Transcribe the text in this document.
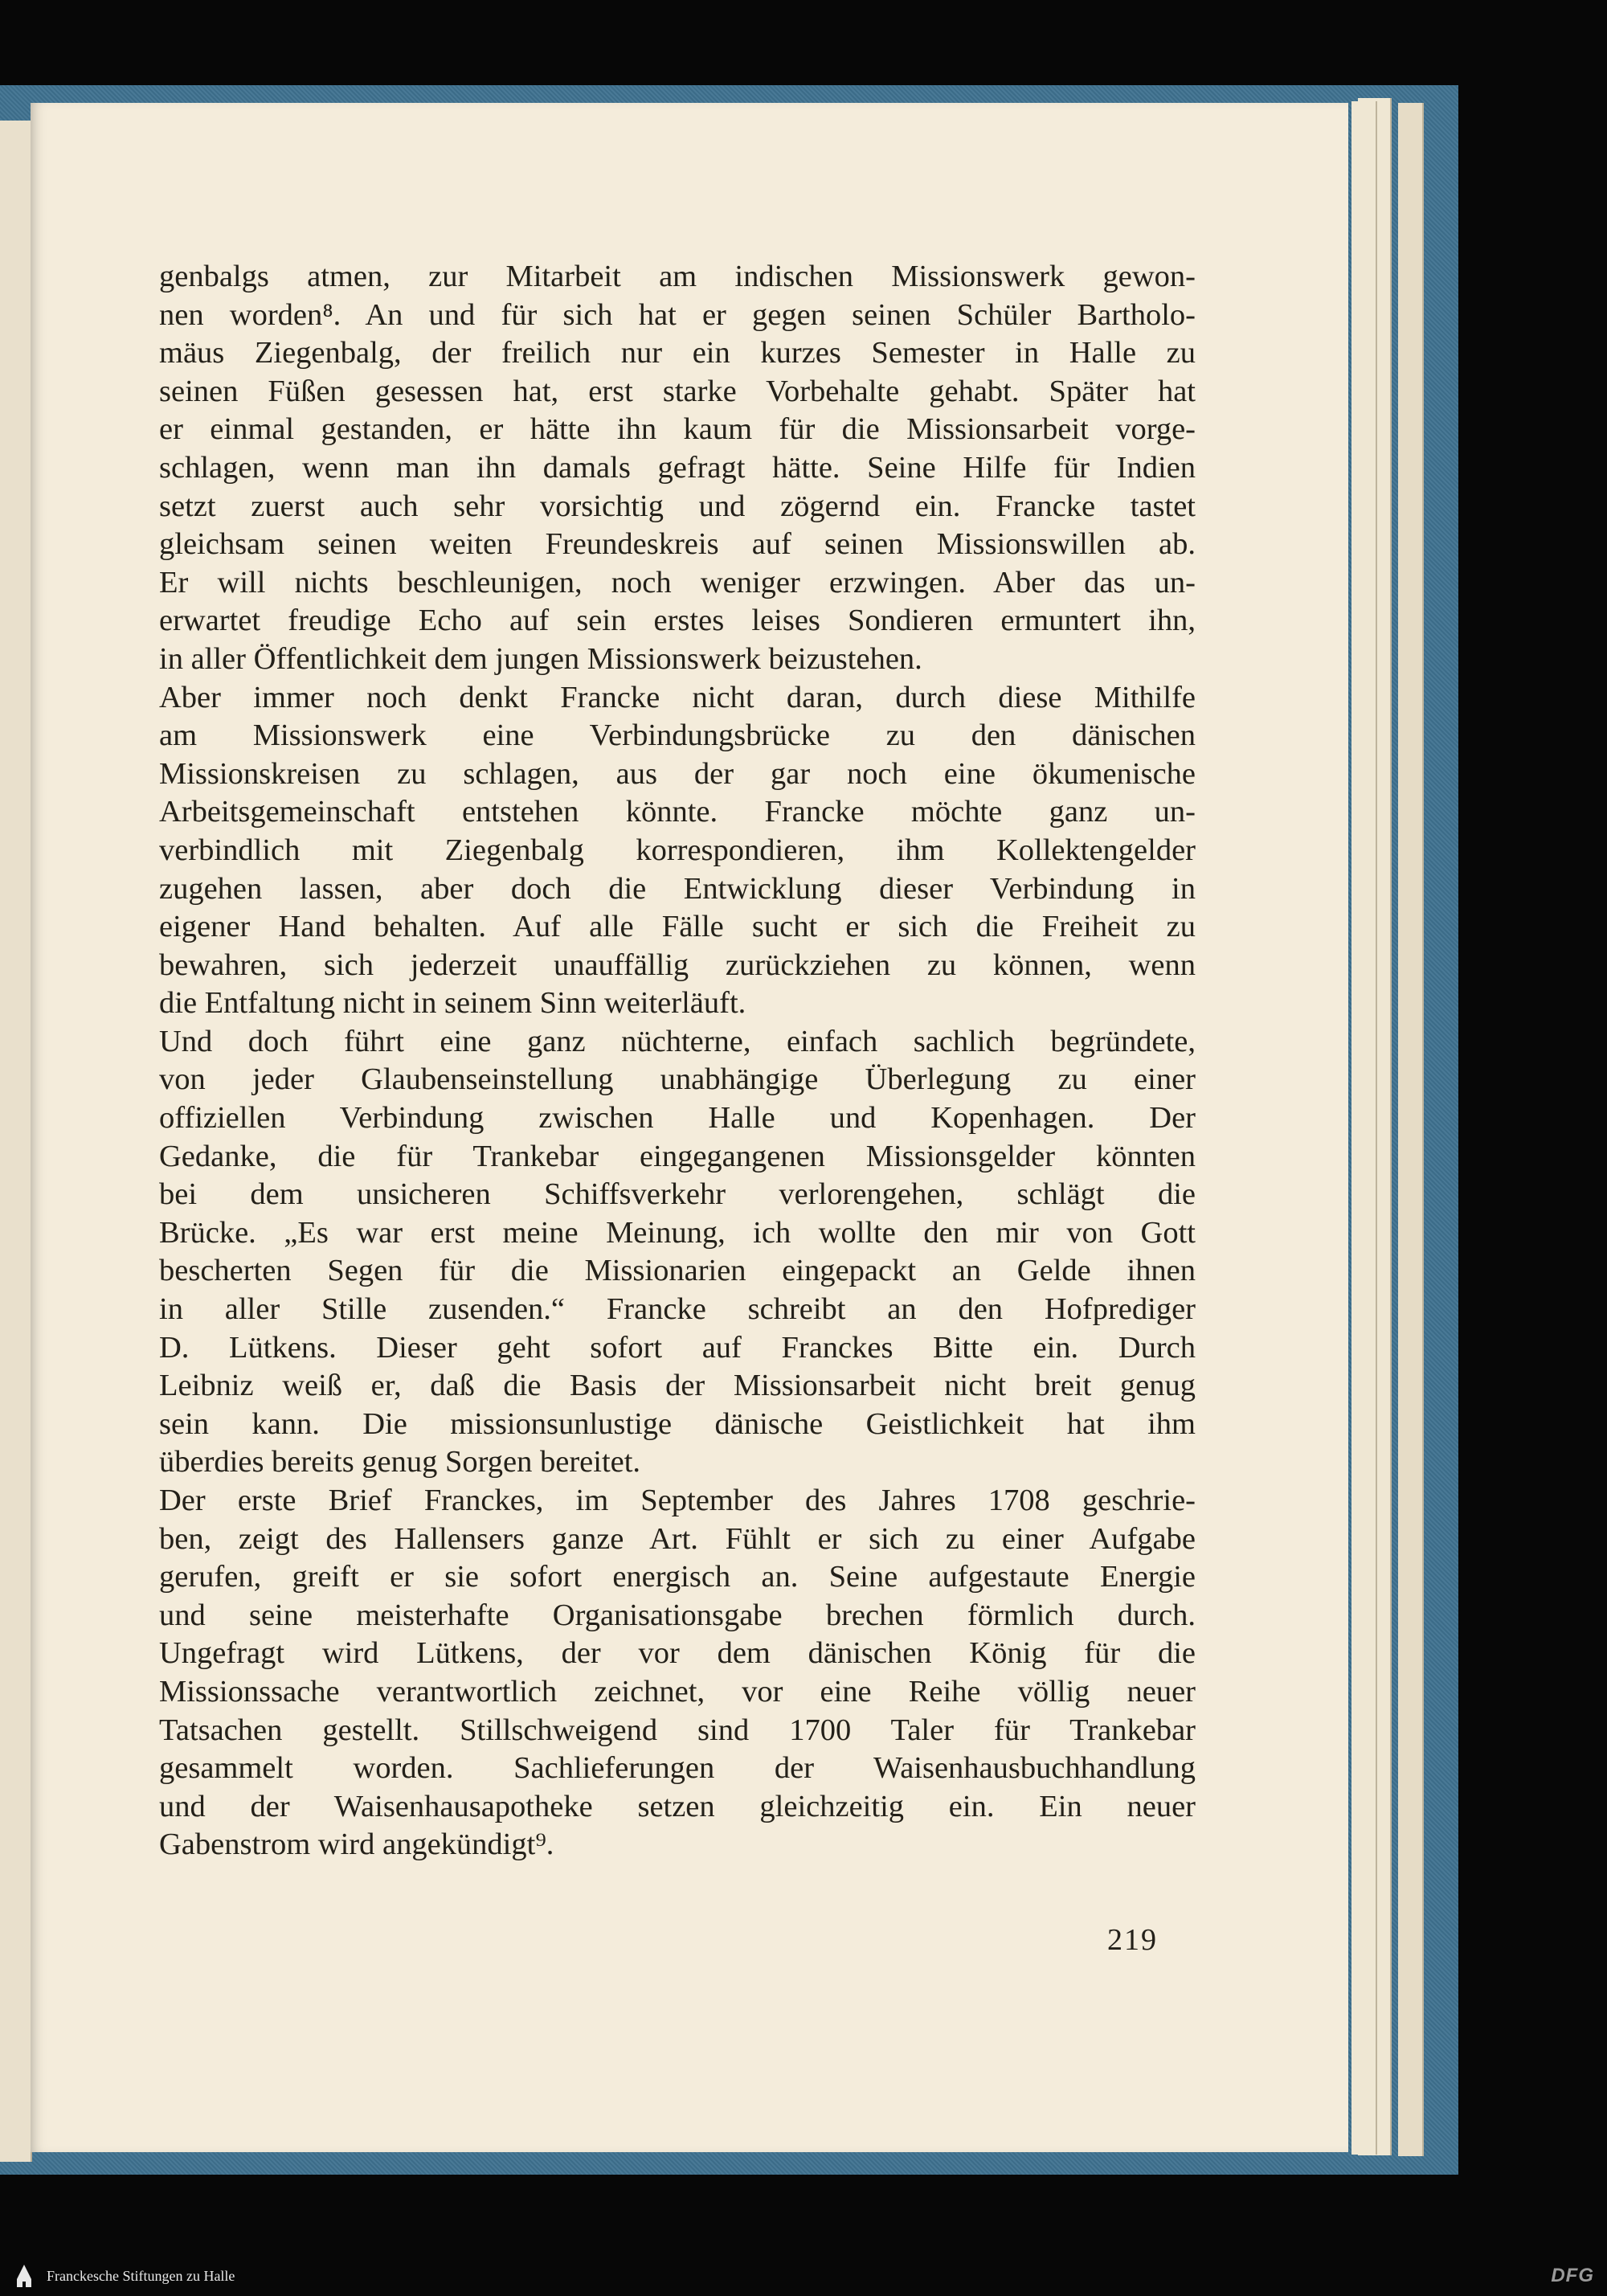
genbalgs atmen, zur Mitarbeit am indischen Missionswerk gewon-
nen worden⁸. An und für sich hat er gegen seinen Schüler Bartholo-
mäus Ziegenbalg, der freilich nur ein kurzes Semester in Halle zu
seinen Füßen gesessen hat, erst starke Vorbehalte gehabt. Später hat
er einmal gestanden, er hätte ihn kaum für die Missionsarbeit vorge-
schlagen, wenn man ihn damals gefragt hätte. Seine Hilfe für Indien
setzt zuerst auch sehr vorsichtig und zögernd ein. Francke tastet
gleichsam seinen weiten Freundeskreis auf seinen Missionswillen ab.
Er will nichts beschleunigen, noch weniger erzwingen. Aber das un-
erwartet freudige Echo auf sein erstes leises Sondieren ermuntert ihn,
in aller Öffentlichkeit dem jungen Missionswerk beizustehen.
Aber immer noch denkt Francke nicht daran, durch diese Mithilfe
am Missionswerk eine Verbindungsbrücke zu den dänischen
Missionskreisen zu schlagen, aus der gar noch eine ökumenische
Arbeitsgemeinschaft entstehen könnte. Francke möchte ganz un-
verbindlich mit Ziegenbalg korrespondieren, ihm Kollektengelder
zugehen lassen, aber doch die Entwicklung dieser Verbindung in
eigener Hand behalten. Auf alle Fälle sucht er sich die Freiheit zu
bewahren, sich jederzeit unauffällig zurückziehen zu können, wenn
die Entfaltung nicht in seinem Sinn weiterläuft.
Und doch führt eine ganz nüchterne, einfach sachlich begründete,
von jeder Glaubenseinstellung unabhängige Überlegung zu einer
offiziellen Verbindung zwischen Halle und Kopenhagen. Der
Gedanke, die für Trankebar eingegangenen Missionsgelder könnten
bei dem unsicheren Schiffsverkehr verlorengehen, schlägt die
Brücke. „Es war erst meine Meinung, ich wollte den mir von Gott
bescherten Segen für die Missionarien eingepackt an Gelde ihnen
in aller Stille zusenden.“ Francke schreibt an den Hofprediger
D. Lütkens. Dieser geht sofort auf Franckes Bitte ein. Durch
Leibniz weiß er, daß die Basis der Missionsarbeit nicht breit genug
sein kann. Die missionsunlustige dänische Geistlichkeit hat ihm
überdies bereits genug Sorgen bereitet.
Der erste Brief Franckes, im September des Jahres 1708 geschrie-
ben, zeigt des Hallensers ganze Art. Fühlt er sich zu einer Aufgabe
gerufen, greift er sie sofort energisch an. Seine aufgestaute Energie
und seine meisterhafte Organisationsgabe brechen förmlich durch.
Ungefragt wird Lütkens, der vor dem dänischen König für die
Missionssache verantwortlich zeichnet, vor eine Reihe völlig neuer
Tatsachen gestellt. Stillschweigend sind 1700 Taler für Trankebar
gesammelt worden. Sachlieferungen der Waisenhausbuchhandlung
und der Waisenhausapotheke setzen gleichzeitig ein. Ein neuer
Gabenstrom wird angekündigt⁹.
219
Franckesche Stiftungen zu Halle	DFG
